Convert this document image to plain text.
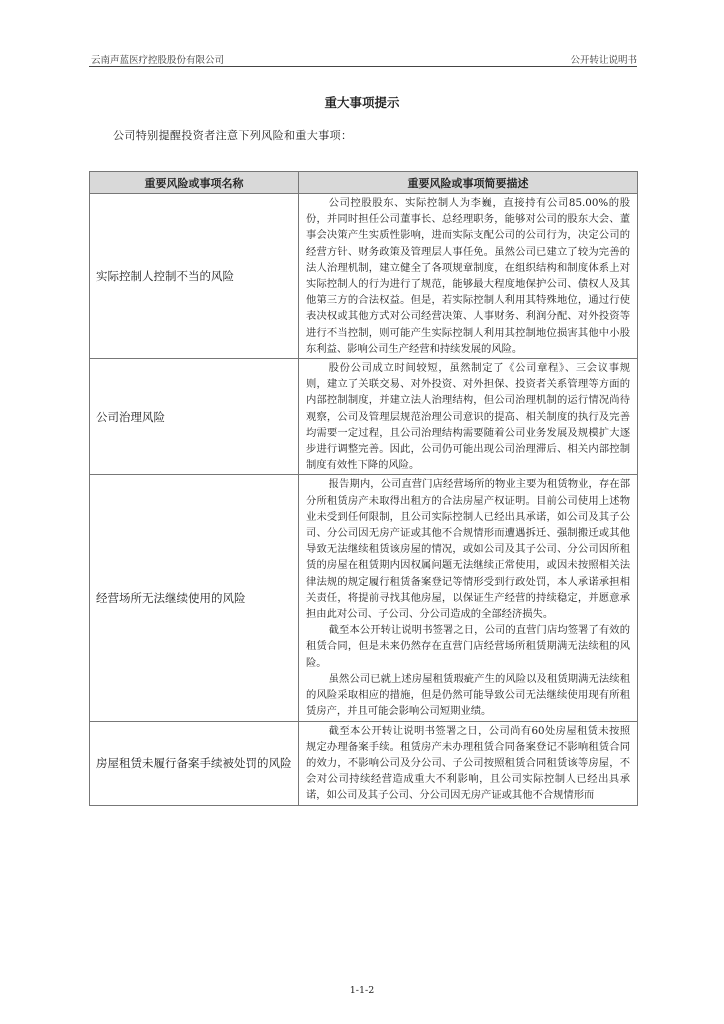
云南声蓝医疗控股股份有限公司	公开转让说明书
重大事项提示
公司特别提醒投资者注意下列风险和重大事项：
重要风险或事项名称	重要风险或事项简要描述
实际控制人控制不当的风险	公司控股股东、实际控制人为李巍，直接持有公司85.00%的股份，并同时担任公司董事长、总经理职务，能够对公司的股东大会、董事会决策产生实质性影响，进而实际支配公司的公司行为，决定公司的经营方针、财务政策及管理层人事任免。虽然公司已建立了较为完善的法人治理机制，建立健全了各项规章制度，在组织结构和制度体系上对实际控制人的行为进行了规范，能够最大程度地保护公司、债权人及其他第三方的合法权益。但是，若实际控制人利用其特殊地位，通过行使表决权或其他方式对公司经营决策、人事财务、利润分配、对外投资等进行不当控制，则可能产生实际控制人利用其控制地位损害其他中小股东利益、影响公司生产经营和持续发展的风险。

公司治理风险	股份公司成立时间较短，虽然制定了《公司章程》、三会议事规则，建立了关联交易、对外投资、对外担保、投资者关系管理等方面的内部控制制度，并建立法人治理结构，但公司治理机制的运行情况尚待观察，公司及管理层规范治理公司意识的提高、相关制度的执行及完善均需要一定过程，且公司治理结构需要随着公司业务发展及规模扩大逐步进行调整完善。因此，公司仍可能出现公司治理滞后、相关内部控制制度有效性下降的风险。

经营场所无法继续使用的风险	报告期内，公司直营门店经营场所的物业主要为租赁物业，存在部分所租赁房产未取得出租方的合法房屋产权证明。目前公司使用上述物业未受到任何限制，且公司实际控制人已经出具承诺，如公司及其子公司、分公司因无房产证或其他不合规情形而遭遇拆迁、强制搬迁或其他导致无法继续租赁该房屋的情况，或如公司及其子公司、分公司因所租赁的房屋在租赁期内因权属问题无法继续正常使用，或因未按照相关法律法规的规定履行租赁备案登记等情形受到行政处罚，本人承诺承担相关责任，将提前寻找其他房屋，以保证生产经营的持续稳定，并愿意承担由此对公司、子公司、分公司造成的全部经济损失。

截至本公开转让说明书签署之日，公司的直营门店均签署了有效的租赁合同，但是未来仍然存在直营门店经营场所租赁期满无法续租的风险。

虽然公司已就上述房屋租赁瑕疵产生的风险以及租赁期满无法续租的风险采取相应的措施，但是仍然可能导致公司无法继续使用现有所租赁房产，并且可能会影响公司短期业绩。

房屋租赁未履行备案手续被处罚的风险	截至本公开转让说明书签署之日，公司尚有60处房屋租赁未按照规定办理备案手续。租赁房产未办理租赁合同备案登记不影响租赁合同的效力，不影响公司及分公司、子公司按照租赁合同租赁该等房屋，不会对公司持续经营造成重大不利影响，且公司实际控制人已经出具承诺，如公司及其子公司、分公司因无房产证或其他不合规情形而

1-1-2
